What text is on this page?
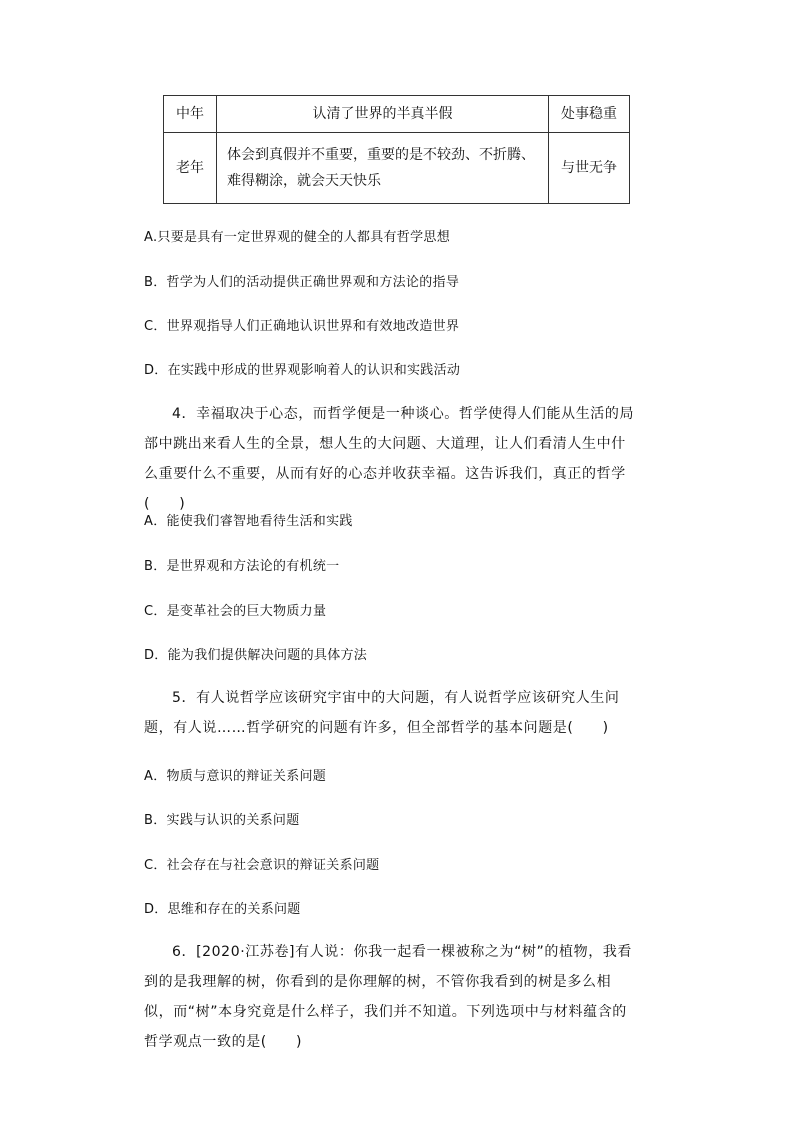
中年	认清了世界的半真半假	处事稳重
老年	体会到真假并不重要，重要的是不较劲、不折腾、难得糊涂，就会天天快乐	与世无争
A.只要是具有一定世界观的健全的人都具有哲学思想
B．哲学为人们的活动提供正确世界观和方法论的指导
C．世界观指导人们正确地认识世界和有效地改造世界
D．在实践中形成的世界观影响着人的认识和实践活动
4．幸福取决于心态，而哲学便是一种谈心。哲学使得人们能从生活的局部中跳出来看人生的全景，想人生的大问题、大道理，让人们看清人生中什么重要什么不重要，从而有好的心态并收获幸福。这告诉我们，真正的哲学(　　)
A．能使我们睿智地看待生活和实践
B．是世界观和方法论的有机统一
C．是变革社会的巨大物质力量
D．能为我们提供解决问题的具体方法
5．有人说哲学应该研究宇宙中的大问题，有人说哲学应该研究人生问题，有人说……哲学研究的问题有许多，但全部哲学的基本问题是(　　)
A．物质与意识的辩证关系问题
B．实践与认识的关系问题
C．社会存在与社会意识的辩证关系问题
D．思维和存在的关系问题
6．[2020·江苏卷]有人说：你我一起看一棵被称之为“树”的植物，我看到的是我理解的树，你看到的是你理解的树，不管你我看到的树是多么相似，而“树”本身究竟是什么样子，我们并不知道。下列选项中与材料蕴含的哲学观点一致的是(　　)
